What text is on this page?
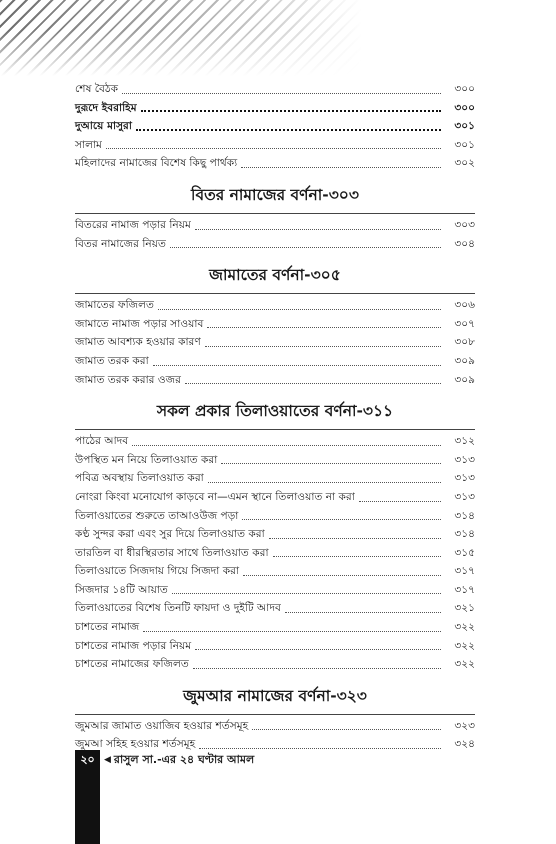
শেষ বৈঠক	৩০০
দুরূদে ইবরাহিম	৩০০
দুআয়ে মাসুরা	৩০১
সালাম	৩০১
মহিলাদের নামাজের বিশেষ কিছু পার্থক্য	৩০২
বিতর নামাজের বর্ণনা-৩০৩
বিতরের নামাজ পড়ার নিয়ম	৩০৩
বিতর নামাজের নিয়ত	৩০৪
জামাতের বর্ণনা-৩০৫
জামাতের ফজিলত	৩০৬
জামাতে নামাজ পড়ার সাওয়াব	৩০৭
জামাত আবশ্যক হওয়ার কারণ	৩০৮
জামাত তরক করা	৩০৯
জামাত তরক করার ওজর	৩০৯
সকল প্রকার তিলাওয়াতের বর্ণনা-৩১১
পাঠের আদব	৩১২
উপস্থিত মন নিয়ে তিলাওয়াত করা	৩১৩
পবিত্র অবস্থায় তিলাওয়াত করা	৩১৩
নোংরা কিংবা মনোযোগ কাড়বে না—এমন স্থানে তিলাওয়াত না করা	৩১৩
তিলাওয়াতের শুরুতে তাআওউজ পড়া	৩১৪
কণ্ঠ সুন্দর করা এবং সুর দিয়ে তিলাওয়াত করা	৩১৪
তারতিল বা ধীরস্থিরতার সাথে তিলাওয়াত করা	৩১৫
তিলাওয়াতে সিজদায় গিয়ে সিজদা করা	৩১৭
সিজদার ১৪টি আয়াত	৩১৭
তিলাওয়াতের বিশেষ তিনটি ফায়দা ও দুইটি আদব	৩২১
চাশতের নামাজ	৩২২
চাশতের নামাজ পড়ার নিয়ম	৩২২
চাশতের নামাজের ফজিলত	৩২২
জুমআর নামাজের বর্ণনা-৩২৩
জুমআর জামাত ওয়াজিব হওয়ার শর্তসমূহ	৩২৩
জুমআ সহিহ হওয়ার শর্তসমূহ	৩২৪
২০	◀ রাসুল সা.-এর ২৪ ঘণ্টার আমল
